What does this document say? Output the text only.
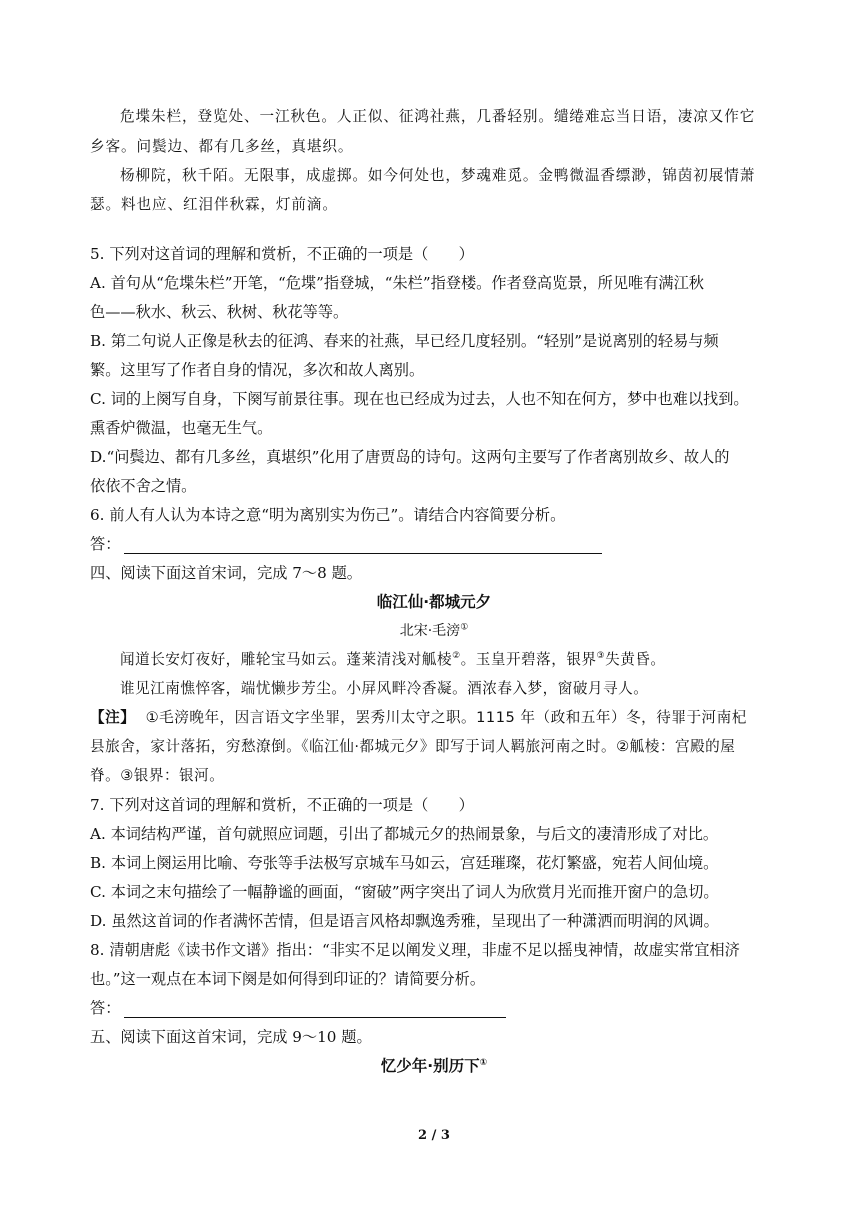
危堞朱栏，登览处、一江秋色。人正似、征鸿社燕，几番轻别。缱绻难忘当日语，凄凉又作它
乡客。问鬓边、都有几多丝，真堪织。
杨柳院，秋千陌。无限事，成虚掷。如今何处也，梦魂难觅。金鸭微温香缥渺，锦茵初展情萧
瑟。料也应、红泪伴秋霖，灯前滴。
5. 下列对这首词的理解和赏析，不正确的一项是（　　）
A. 首句从“危堞朱栏”开笔，“危堞”指登城，“朱栏”指登楼。作者登高览景，所见唯有满江秋
色——秋水、秋云、秋树、秋花等等。
B. 第二句说人正像是秋去的征鸿、春来的社燕，早已经几度轻别。“轻别”是说离别的轻易与频
繁。这里写了作者自身的情况，多次和故人离别。
C. 词的上阕写自身，下阕写前景往事。现在也已经成为过去，人也不知在何方，梦中也难以找到。
熏香炉微温，也毫无生气。
D.“问鬓边、都有几多丝，真堪织”化用了唐贾岛的诗句。这两句主要写了作者离别故乡、故人的
依依不舍之情。
6. 前人有人认为本诗之意“明为离别实为伤己”。请结合内容简要分析。
答：
四、阅读下面这首宋词，完成 7～8 题。
临江仙·都城元夕
北宋·毛滂①
闻道长安灯夜好，雕轮宝马如云。蓬莱清浅对觚棱②。玉皇开碧落，银界③失黄昏。
谁见江南憔悴客，端忧懒步芳尘。小屏风畔冷香凝。酒浓春入梦，窗破月寻人。
【注】 ①毛滂晚年，因言语文字坐罪，罢秀川太守之职。1115 年（政和五年）冬，待罪于河南杞
县旅舍，家计落拓，穷愁潦倒。《临江仙·都城元夕》即写于词人羁旅河南之时。②觚棱：宫殿的屋
脊。③银界：银河。
7. 下列对这首词的理解和赏析，不正确的一项是（　　）
A. 本词结构严谨，首句就照应词题，引出了都城元夕的热闹景象，与后文的凄清形成了对比。
B. 本词上阕运用比喻、夸张等手法极写京城车马如云，宫廷璀璨，花灯繁盛，宛若人间仙境。
C. 本词之末句描绘了一幅静谧的画面，“窗破”两字突出了词人为欣赏月光而推开窗户的急切。
D. 虽然这首词的作者满怀苦情，但是语言风格却飘逸秀雅，呈现出了一种潇洒而明润的风调。
8. 清朝唐彪《读书作文谱》指出：“非实不足以阐发义理，非虚不足以摇曳神情，故虚实常宜相济
也。”这一观点在本词下阕是如何得到印证的？请简要分析。
答：
五、阅读下面这首宋词，完成 9～10 题。
忆少年·别历下①
2 / 3
